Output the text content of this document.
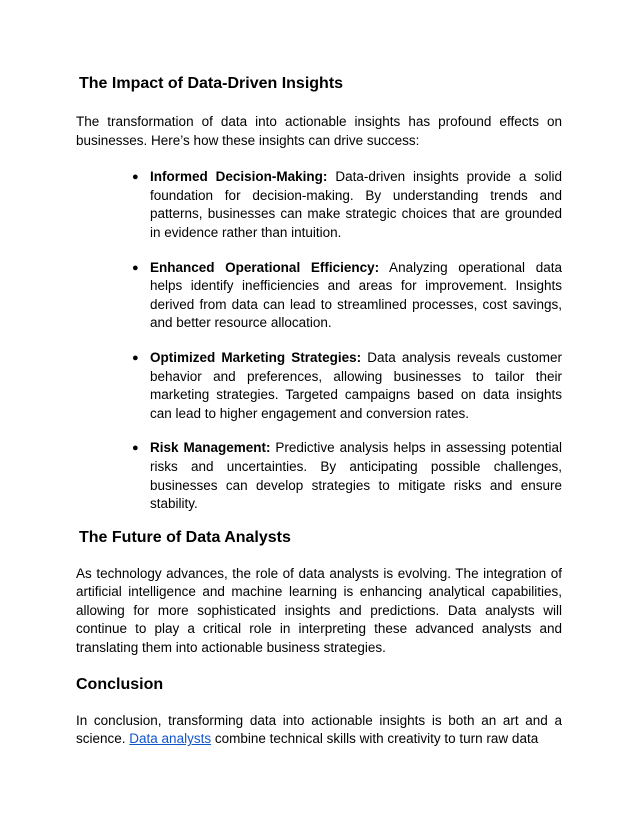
The Impact of Data-Driven Insights

The transformation of data into actionable insights has profound effects on businesses. Here’s how these insights can drive success:

● Informed Decision-Making: Data-driven insights provide a solid foundation for decision-making. By understanding trends and patterns, businesses can make strategic choices that are grounded in evidence rather than intuition.
● Enhanced Operational Efficiency: Analyzing operational data helps identify inefficiencies and areas for improvement. Insights derived from data can lead to streamlined processes, cost savings, and better resource allocation.
● Optimized Marketing Strategies: Data analysis reveals customer behavior and preferences, allowing businesses to tailor their marketing strategies. Targeted campaigns based on data insights can lead to higher engagement and conversion rates.
● Risk Management: Predictive analysis helps in assessing potential risks and uncertainties. By anticipating possible challenges, businesses can develop strategies to mitigate risks and ensure stability.
The Future of Data Analysts

As technology advances, the role of data analysts is evolving. The integration of artificial intelligence and machine learning is enhancing analytical capabilities, allowing for more sophisticated insights and predictions. Data analysts will continue to play a critical role in interpreting these advanced analysts and translating them into actionable business strategies.

Conclusion

In conclusion, transforming data into actionable insights is both an art and a science. Data analysts combine technical skills with creativity to turn raw data
